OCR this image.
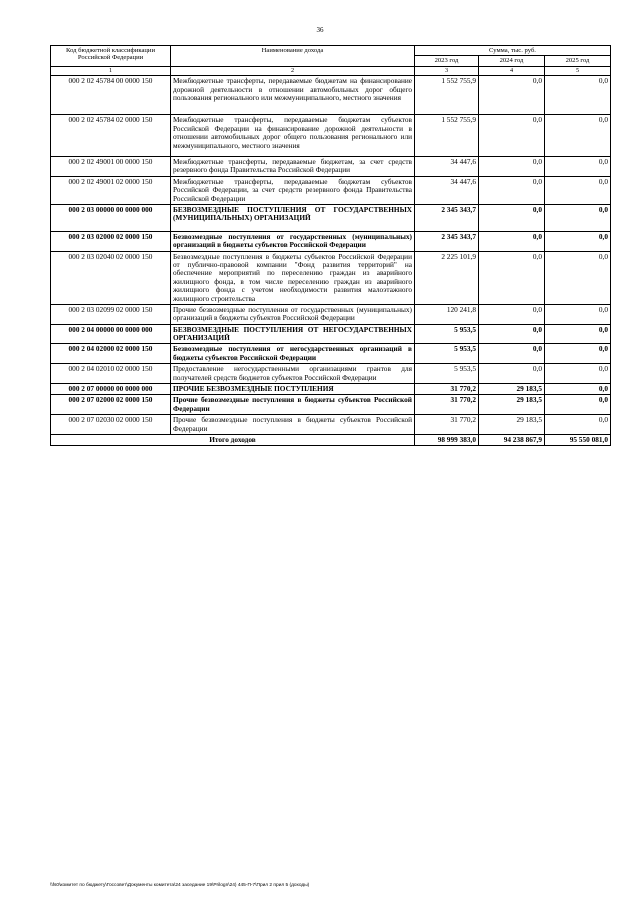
36
Код бюджетной классификации Российской Федерации	Наименование дохода	Сумма, тыс. руб.		
		2023 год	2024 год	2025 год
1	2	3	4	5
000 2 02 45784 00 0000 150	Межбюджетные трансферты, передаваемые бюджетам на финансирование дорожной деятельности в отношении автомобильных дорог общего пользования регионального или межмуниципального, местного значения	1 552 755,9	0,0	0,0
000 2 02 45784 02 0000 150	Межбюджетные трансферты, передаваемые бюджетам субъектов Российской Федерации на финансирование дорожной деятельности в отношении автомобильных дорог общего пользования регионального или межмуниципального, местного значения	1 552 755,9	0,0	0,0
000 2 02 49001 00 0000 150	Межбюджетные трансферты, передаваемые бюджетам, за счет средств резервного фонда Правительства Российской Федерации	34 447,6	0,0	0,0
000 2 02 49001 02 0000 150	Межбюджетные трансферты, передаваемые бюджетам субъектов Российской Федерации, за счет средств резервного фонда Правительства Российской Федерации	34 447,6	0,0	0,0
000 2 03 00000 00 0000 000	БЕЗВОЗМЕЗДНЫЕ ПОСТУПЛЕНИЯ ОТ ГОСУДАРСТВЕННЫХ (МУНИЦИПАЛЬНЫХ) ОРГАНИЗАЦИЙ	2 345 343,7	0,0	0,0
000 2 03 02000 02 0000 150	Безвозмездные поступления от государственных (муниципальных) организаций в бюджеты субъектов Российской Федерации	2 345 343,7	0,0	0,0
000 2 03 02040 02 0000 150	Безвозмездные поступления в бюджеты субъектов Российской Федерации от публично-правовой компании "Фонд развития территорий" на обеспечение мероприятий по переселению граждан из аварийного жилищного фонда, в том числе переселению граждан из аварийного жилищного фонда с учетом необходимости развития малоэтажного жилищного строительства	2 225 101,9	0,0	0,0
000 2 03 02099 02 0000 150	Прочие безвозмездные поступления от государственных (муниципальных) организаций в бюджеты субъектов Российской Федерации	120 241,8	0,0	0,0
000 2 04 00000 00 0000 000	БЕЗВОЗМЕЗДНЫЕ ПОСТУПЛЕНИЯ ОТ НЕГОСУДАРСТВЕННЫХ ОРГАНИЗАЦИЙ	5 953,5	0,0	0,0
000 2 04 02000 02 0000 150	Безвозмездные поступления от негосударственных организаций в бюджеты субъектов Российской Федерации	5 953,5	0,0	0,0
000 2 04 02010 02 0000 150	Предоставление негосударственными организациями грантов для получателей средств бюджетов субъектов Российской Федерации	5 953,5	0,0	0,0
000 2 07 00000 00 0000 000	ПРОЧИЕ БЕЗВОЗМЕЗДНЫЕ ПОСТУПЛЕНИЯ	31 770,2	29 183,5	0,0
000 2 07 02000 02 0000 150	Прочие безвозмездные поступления в бюджеты субъектов Российской Федерации	31 770,2	29 183,5	0,0
000 2 07 02030 02 0000 150	Прочие безвозмездные поступления в бюджеты субъектов Российской Федерации	31 770,2	29 183,5	0,0
Итого доходов		98 999 383,0	94 238 867,9	95 550 081,0
\\fs0\комитет по бюджету\Госсовет\Документы комитета\24 заседание 19\Prilogn\24) 445-П-7\Прил 2 прил 5 (доходы)
